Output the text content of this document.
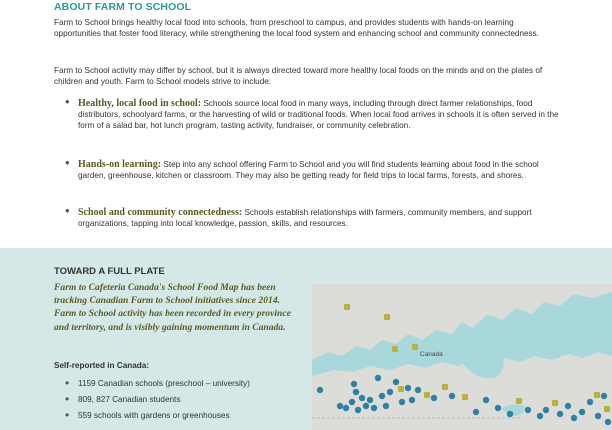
ABOUT FARM TO SCHOOL

Farm to School brings healthy local food into schools, from preschool to campus, and provides students with hands-on learning opportunities that foster food literacy, while strengthening the local food system and enhancing school and community connectedness.

Farm to School activity may differ by school, but it is always directed toward more healthy local foods on the minds and on the plates of children and youth. Farm to School models strive to include:

• Healthy, local food in school: Schools source local food in many ways, including through direct farmer relationships, food distributors, schoolyard farms, or the harvesting of wild or traditional foods. When local food arrives in schools it is often served in the form of a salad bar, hot lunch program, tasting activity, fundraiser, or community celebration.
• Hands-on learning: Step into any school offering Farm to School and you will find students learning about food in the school garden, greenhouse, kitchen or classroom. They may also be getting ready for field trips to local farms, forests, and shores.
• School and community connectedness: Schools establish relationships with farmers, community members, and support organizations, tapping into local knowledge, passion, skills, and resources.
TOWARD A FULL PLATE

Farm to Cafeteria Canada's School Food Map has been tracking Canadian Farm to School initiatives since 2014. Farm to School activity has been recorded in every province and territory, and is visibly gaining momentum in Canada.

Self-reported in Canada:
• 1159 Canadian schools (preschool – university)
• 809, 827 Canadian students
• 559 schools with gardens or greenhouses
Canada
